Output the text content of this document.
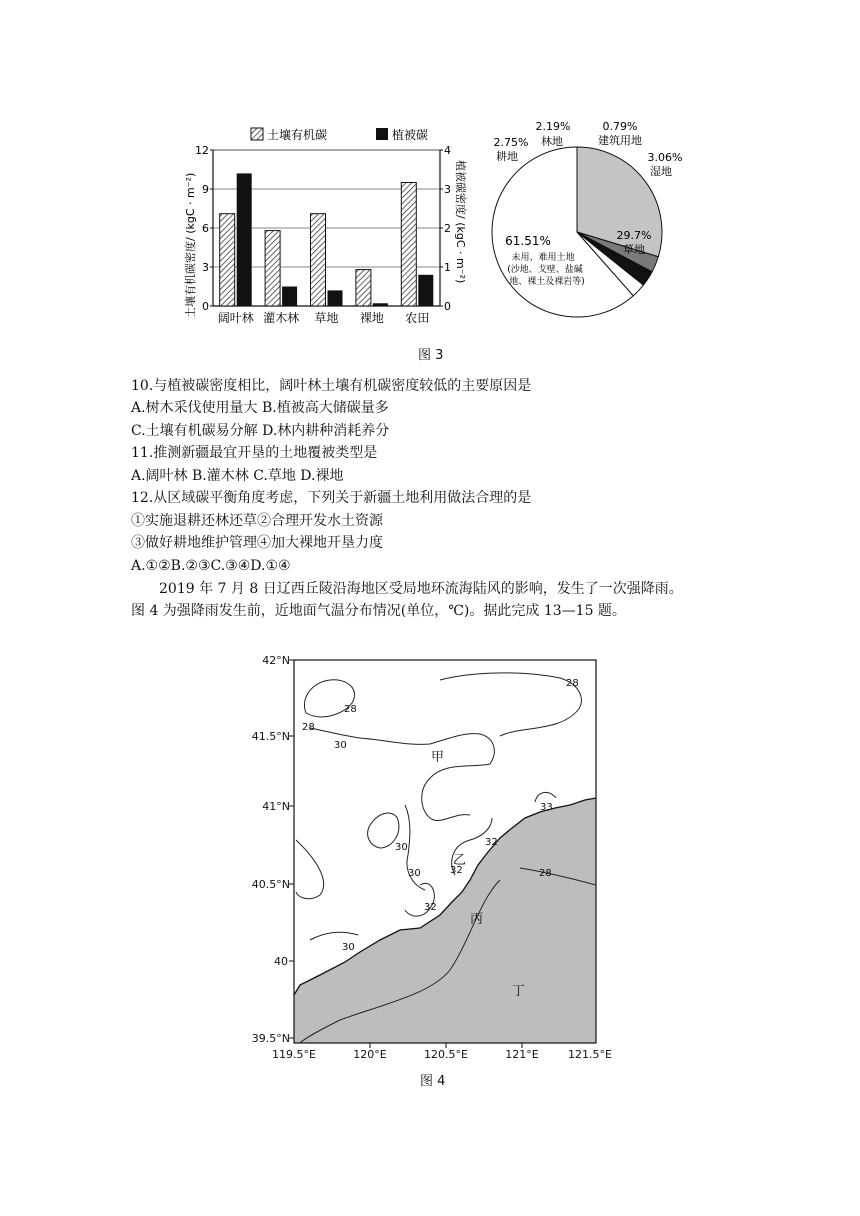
土壤有机碳	植被碳
0
3
6
9
12
0
1
2
3
4
阔叶林 灌木林 草地 裸地 农田
土壤有机碳密度/ (kgC · m⁻²)	植被碳密度/ (kgC · m⁻²)
2.75%
耕地
2.19%
林地
0.79%
建筑用地
3.06%
湿地
29.7%
草地
61.51%
未用、难用土地
(沙地、戈壁、盐碱
地、裸土及裸岩等)
图 3
10.与植被碳密度相比，阔叶林土壤有机碳密度较低的主要原因是
A.树木采伐使用量大 B.植被高大储碳量多
C.土壤有机碳易分解 D.林内耕种消耗养分
11.推测新疆最宜开垦的土地覆被类型是
A.阔叶林 B.灌木林 C.草地 D.裸地
12.从区域碳平衡角度考虑，下列关于新疆土地利用做法合理的是
①实施退耕还林还草②合理开发水土资源
③做好耕地维护管理④加大裸地开垦力度
A.①②B.②③C.③④D.①④
2019 年 7 月 8 日辽西丘陵沿海地区受局地环流海陆风的影响，发生了一次强降雨。
图 4 为强降雨发生前，近地面气温分布情况(单位，℃)。据此完成 13—15 题。
28
28
28
30
30
30
32
32
32
33
28
30
甲
乙
丙
丁
42°N
41.5°N
41°N
40.5°N
40
39.5°N
119.5°E	120°E	120.5°E	121°E	121.5°E
图 4
